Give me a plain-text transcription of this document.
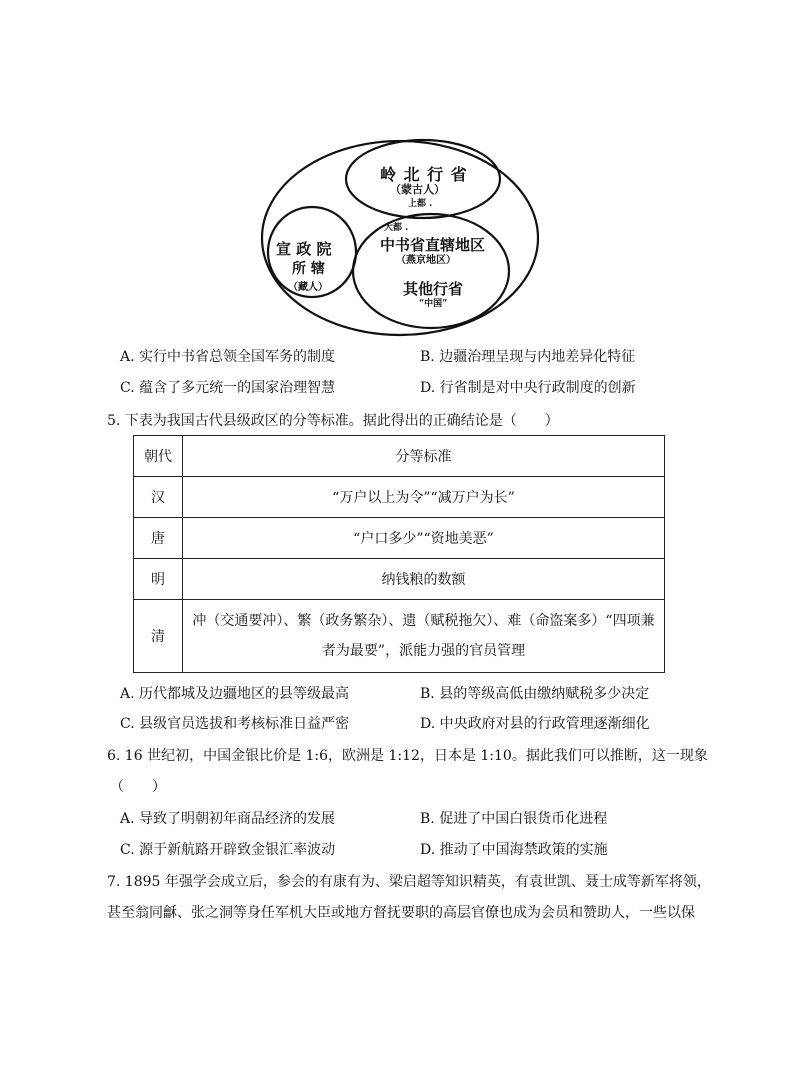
岭 北 行 省
（蒙古人）
上都 .
大都 .
中书省直辖地区
（燕京地区）
宣 政 院
所 辖
（藏人）	其他行省
“中国”
A. 实行中书省总领全国军务的制度	B. 边疆治理呈现与内地差异化特征
C. 蕴含了多元统一的国家治理智慧	D. 行省制是对中央行政制度的创新
5. 下表为我国古代县级政区的分等标准。据此得出的正确结论是（　　）
朝代	分等标准
汉	“万户以上为令”“减万户为长”
唐	“户口多少”“资地美恶”
明	纳钱粮的数额
清	冲（交通要冲）、繁（政务繁杂）、遗（赋税拖欠）、难（命盗案多）“四项兼
者为最要”，派能力强的官员管理
A. 历代都城及边疆地区的县等级最高	B. 县的等级高低由缴纳赋税多少决定
C. 县级官员选拔和考核标准日益严密	D. 中央政府对县的行政管理逐渐细化
6. 16 世纪初，中国金银比价是 1:6，欧洲是 1:12，日本是 1:10。据此我们可以推断，这一现象
（　　）
A. 导致了明朝初年商品经济的发展	B. 促进了中国白银货币化进程
C. 源于新航路开辟致金银汇率波动	D. 推动了中国海禁政策的实施
7. 1895 年强学会成立后，参会的有康有为、梁启超等知识精英，有袁世凯、聂士成等新军将领，
甚至翁同龢、张之洞等身任军机大臣或地方督抚要职的高层官僚也成为会员和赞助人，一些以保
